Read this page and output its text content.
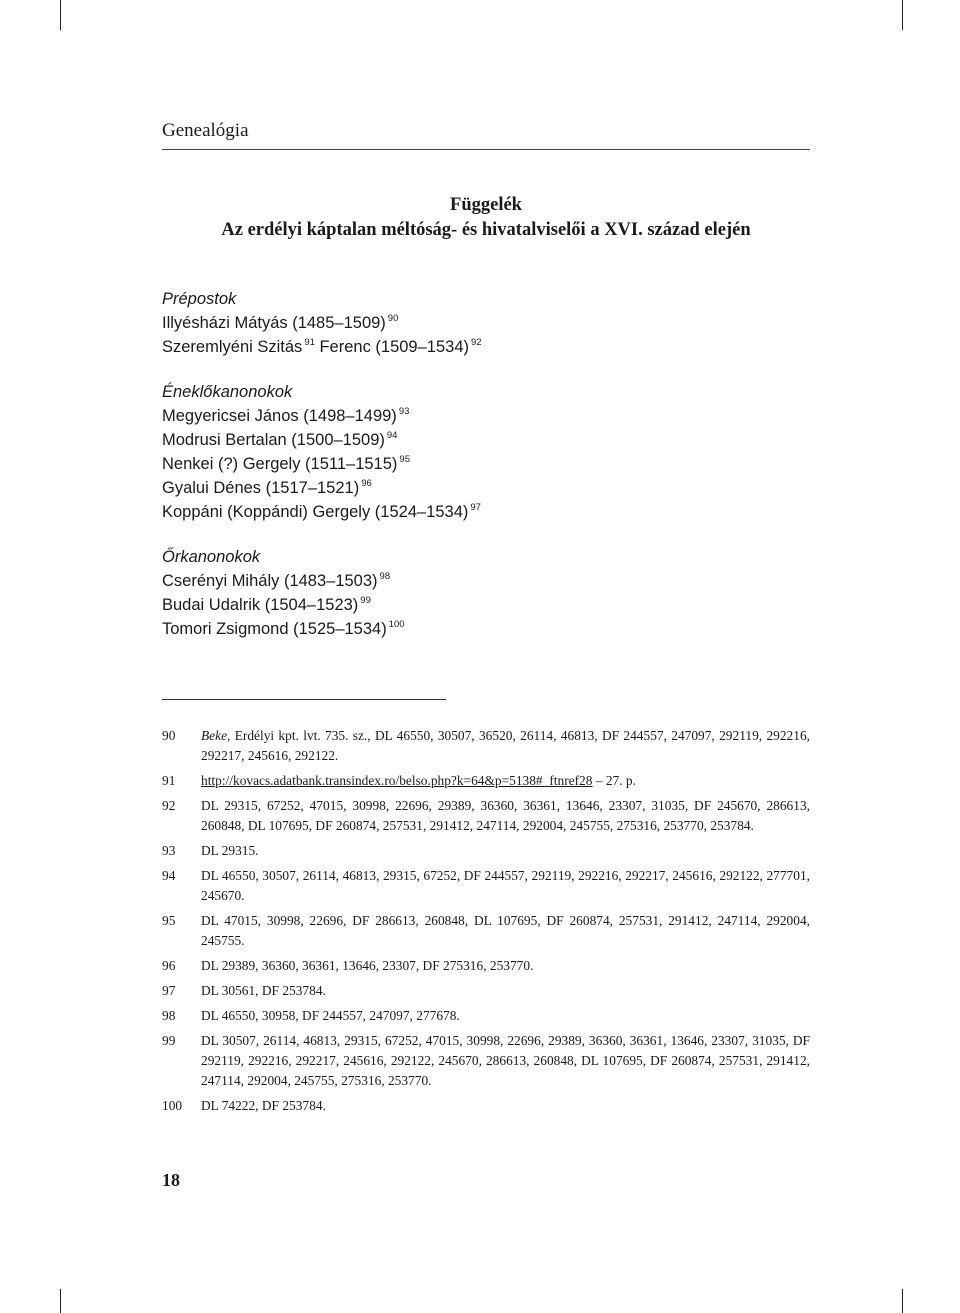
Genealógia
Függelék
Az erdélyi káptalan méltóság- és hivatalviselői a XVI. század elején
Prépostok
Illyésházi Mátyás (1485–1509) $^{90}$
Szeremlyéni Szitás $^{91}$ Ferenc (1509–1534) $^{92}$
Éneklőkanonokok
Megyericsei János (1498–1499) $^{93}$
Modrusi Bertalan (1500–1509) $^{94}$
Nenkei (?) Gergely (1511–1515) $^{95}$
Gyalui Dénes (1517–1521) $^{96}$
Koppáni (Koppándi) Gergely (1524–1534) $^{97}$
Őrkanonokok
Cserényi Mihály (1483–1503) $^{98}$
Budai Udalrik (1504–1523) $^{99}$
Tomori Zsigmond (1525–1534) $^{100}$
90	Beke, Erdélyi kpt. lvt. 735. sz., DL 46550, 30507, 36520, 26114, 46813, DF 244557, 247097, 292119, 292216, 292217, 245616, 292122.
91	http://kovacs.adatbank.transindex.ro/belso.php?k=64&p=5138#_ftnref28 – 27. p.
92	DL 29315, 67252, 47015, 30998, 22696, 29389, 36360, 36361, 13646, 23307, 31035, DF 245670, 286613, 260848, DL 107695, DF 260874, 257531, 291412, 247114, 292004, 245755, 275316, 253770, 253784.
93	DL 29315.
94	DL 46550, 30507, 26114, 46813, 29315, 67252, DF 244557, 292119, 292216, 292217, 245616, 292122, 277701, 245670.
95	DL 47015, 30998, 22696, DF 286613, 260848, DL 107695, DF 260874, 257531, 291412, 247114, 292004, 245755.
96	DL 29389, 36360, 36361, 13646, 23307, DF 275316, 253770.
97	DL 30561, DF 253784.
98	DL 46550, 30958, DF 244557, 247097, 277678.
99	DL 30507, 26114, 46813, 29315, 67252, 47015, 30998, 22696, 29389, 36360, 36361, 13646, 23307, 31035, DF 292119, 292216, 292217, 245616, 292122, 245670, 286613, 260848, DL 107695, DF 260874, 257531, 291412, 247114, 292004, 245755, 275316, 253770.
100	DL 74222, DF 253784.
18
